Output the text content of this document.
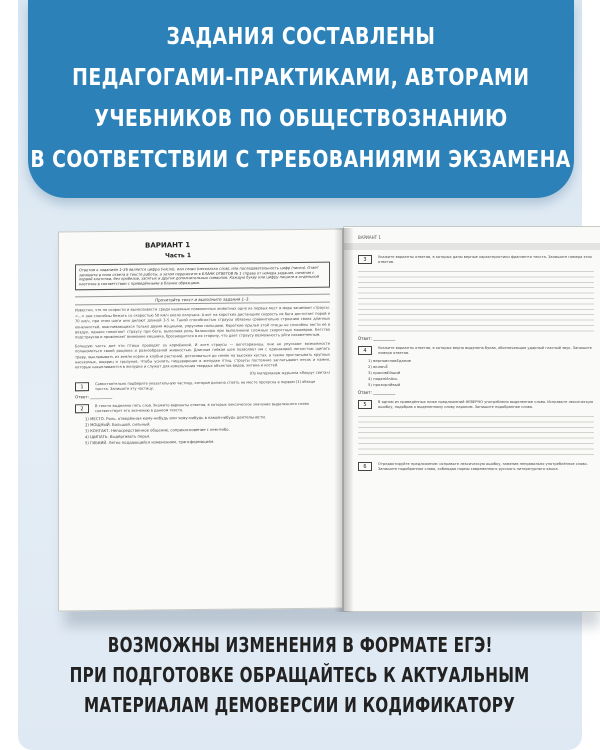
ЗАДАНИЯ СОСТАВЛЕНЫ
ПЕДАГОГАМИ-ПРАКТИКАМИ, АВТОРАМИ
УЧЕБНИКОВ ПО ОБЩЕСТВОЗНАНИЮ
В СООТВЕТСТВИИ С ТРЕБОВАНИЯМИ ЭКЗАМЕНА
ВАРИАНТ 1
Часть 1
Ответом к заданиям 1–26 является цифра (число), или слово (несколько слов), или последовательность цифр (чисел). Ответ запишите в поле ответа в тексте работы, а затем перенесите в БЛАНК ОТВЕТОВ № 1 справа от номера задания, начиная с первой клеточки, без пробелов, запятых и других дополнительных символов. Каждую букву или цифру пишите в отдельной клеточке в соответствии с приведёнными в бланке образцами.
Прочитайте текст и выполните задания 1–3.
Известно, что по скорости и выносливости среди наземных позвоночных животных одно из первых мест в мире занимают страусы. <...> они способны бежать со скоростью 50 км/ч около получаса. А вот на коротких дистанциях скорость их бега достигает порой и 70 км/ч, при этом шаги они делают длиной 3–5 м. Такой способностью страусы обязаны сравнительно строению своих длинных конечностей, оканчивающихся только двумя мощными, упругими пальцами. Короткие крылья этой птицы не способны нести её в воздух, однако помогают страусу при беге, выполняя роль балансира при выполнении сложных скоростных маневров. Бегство подстраусов и привлекает внимание хищника, бросающегося в их сторону, что дает страусу возможность уйти незамеченным.
Большую часть дня эти птицы проводят за кормёжкой. И хотя страусы — вегетарианцы, они не упускают возможности полакомиться своей рациона и разнообразной живностью. Длинная гибкая шея позволяет им с одинаковой легкостью щипать траву, выклевывать из земли корни и клубни растений, дотягиваться до семян на высоких кустах, а также проглатывать крупных насекомых, ящериц и грызунов. Чтобы усилить пищеварение в желудке птиц, страусы постоянно заглатывают песок и камни, которые накапливаются в желудке и служат для измельчения твердых объектов видов, хитина и костей.
(По материалам журнала «Вокруг света»)
1
Самостоятельно подберите указательную частицу, которая должна стоять на месте пропуска в первом (1) абзаце текста. Запишите эту частицу.
Ответ: ___________
2
В тексте выделено пять слов. Укажите варианты ответов, в которых лексическое значение выделенного слова соответствует его значению в данном тексте.
1) МЕСТО. Роль, отведённая кому-нибудь или чему-нибудь в какой-нибудь деятельности.
2) МОЩНЫЙ. Большой, сильный.
3) КОНТАКТ. Непосредственное общение, соприкосновение с кем-либо.
4) ЩИПАТЬ. Выдёргивать перья.
5) ГИБКИЙ. Легко поддающийся изменениям, трансформациям.
ВАРИАНТ 1
3	Укажите варианты ответов, в которых даны верные характеристики фрагмента текста. Запишите номера этих ответов.
Ответ: ___________
4	Укажите варианты ответов, в которых верно выделена буква, обозначающая ударный гласный звук. Запишите номера ответов.
1) верноисповЕдание
2) включЁ
3) красивЕйший
4) поделИлАсь
5) прозорлИвый
Ответ: ___________
5	В одном из приведённых ниже предложений НЕВЕРНО употреблено выделенное слово. Исправьте лексическую ошибку, подобрав к выделенному слову пароним. Запишите подобранное слово.
6	Отредактируйте предложение: исправьте лексическую ошибку, заменив неправильно употреблённое слово. Запишите подобранное слово, соблюдая нормы современного русского литературного языка.
ВОЗМОЖНЫ ИЗМЕНЕНИЯ В ФОРМАТЕ ЕГЭ!
ПРИ ПОДГОТОВКЕ ОБРАЩАЙТЕСЬ К АКТУАЛЬНЫМ
МАТЕРИАЛАМ ДЕМОВЕРСИИ И КОДИФИКАТОРУ
